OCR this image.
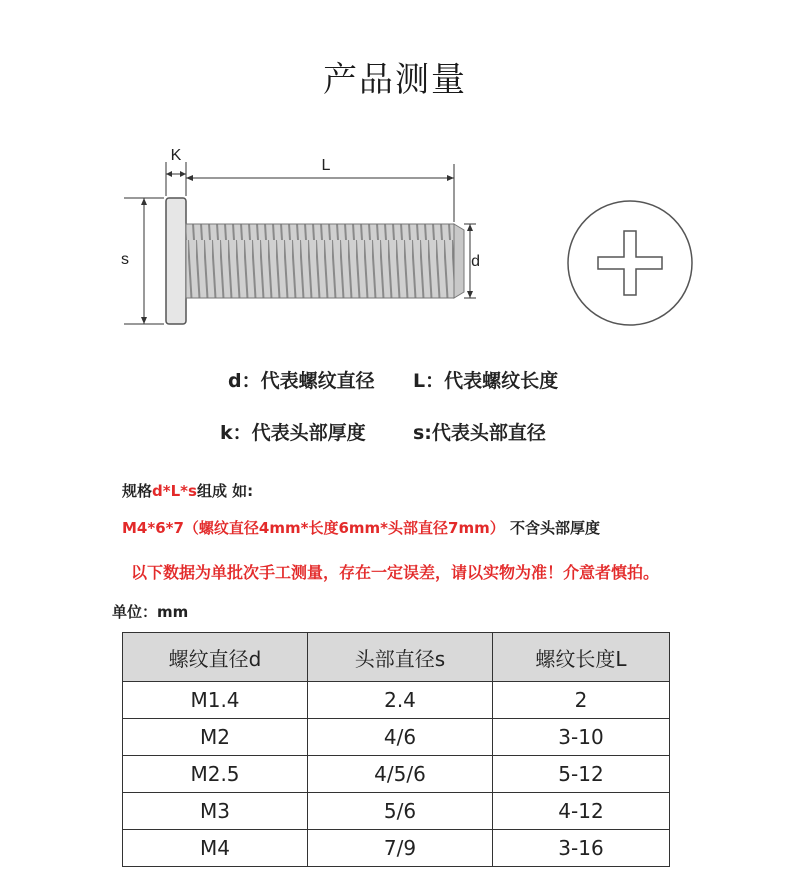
产品测量
K
L
s	d
d：代表螺纹直径 L：代表螺纹长度
k：代表头部厚度 s:代表头部直径
规格d*L*s组成 如:
M4*6*7（螺纹直径4mm*长度6mm*头部直径7mm） 不含头部厚度
以下数据为单批次手工测量，存在一定误差，请以实物为准！介意者慎拍。
单位：mm
螺纹直径d	头部直径s	螺纹长度L
M1.4	2.4	2
M2	4/6	3-10
M2.5	4/5/6	5-12
M3	5/6	4-12
M4	7/9	3-16
